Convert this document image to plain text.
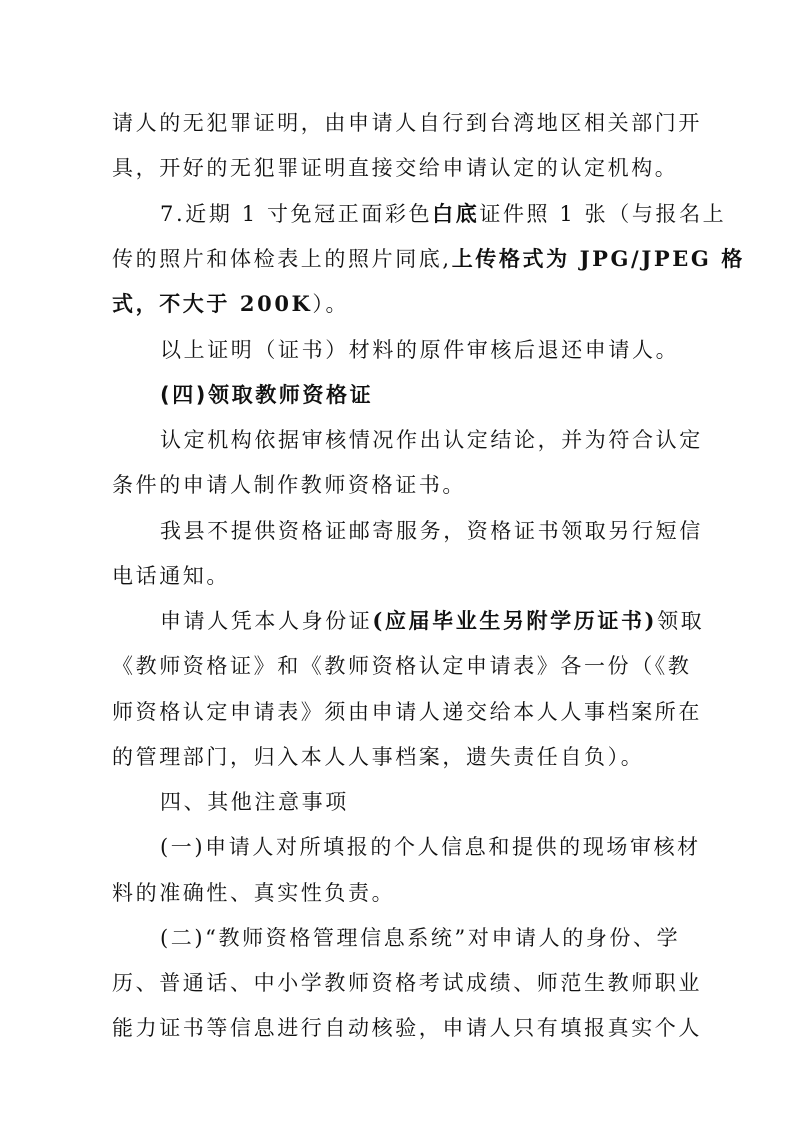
请人的无犯罪证明，由申请人自行到台湾地区相关部门开
具，开好的无犯罪证明直接交给申请认定的认定机构。
7.近期 1 寸免冠正面彩色白底证件照 1 张（与报名上
传的照片和体检表上的照片同底,上传格式为 JPG/JPEG 格
式，不大于 200K）。
以上证明（证书）材料的原件审核后退还申请人。
(四)领取教师资格证
认定机构依据审核情况作出认定结论，并为符合认定
条件的申请人制作教师资格证书。
我县不提供资格证邮寄服务，资格证书领取另行短信
电话通知。
申请人凭本人身份证(应届毕业生另附学历证书)领取
《教师资格证》和《教师资格认定申请表》各一份（《教
师资格认定申请表》须由申请人递交给本人人事档案所在
的管理部门，归入本人人事档案，遗失责任自负）。
四、其他注意事项
(一)申请人对所填报的个人信息和提供的现场审核材
料的准确性、真实性负责。
(二)“教师资格管理信息系统”对申请人的身份、学
历、普通话、中小学教师资格考试成绩、师范生教师职业
能力证书等信息进行自动核验，申请人只有填报真实个人
